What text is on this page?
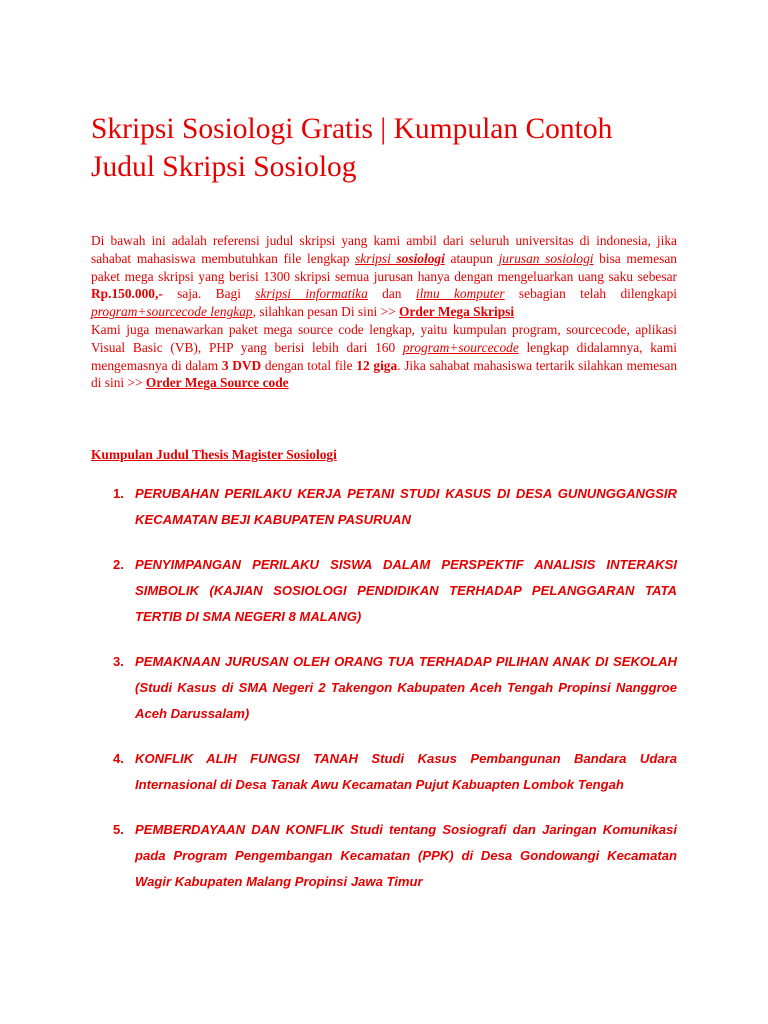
Skripsi Sosiologi Gratis | Kumpulan Contoh Judul Skripsi Sosiolog
Di bawah ini adalah referensi judul skripsi yang kami ambil dari seluruh universitas di indonesia, jika sahabat mahasiswa membutuhkan file lengkap skripsi sosiologi ataupun jurusan sosiologi bisa memesan paket mega skripsi yang berisi 1300 skripsi semua jurusan hanya dengan mengeluarkan uang saku sebesar Rp.150.000,- saja. Bagi skripsi informatika dan ilmu komputer sebagian telah dilengkapi program+sourcecode lengkap, silahkan pesan Di sini >> Order Mega Skripsi
Kami juga menawarkan paket mega source code lengkap, yaitu kumpulan program, sourcecode, aplikasi Visual Basic (VB), PHP yang berisi lebih dari 160 program+sourcecode lengkap didalamnya, kami mengemasnya di dalam 3 DVD dengan total file 12 giga. Jika sahabat mahasiswa tertarik silahkan memesan di sini >> Order Mega Source code
Kumpulan Judul Thesis Magister Sosiologi
1. PERUBAHAN PERILAKU KERJA PETANI STUDI KASUS DI DESA GUNUNGGANGSIR KECAMATAN BEJI KABUPATEN PASURUAN
2. PENYIMPANGAN PERILAKU SISWA DALAM PERSPEKTIF ANALISIS INTERAKSI SIMBOLIK (KAJIAN SOSIOLOGI PENDIDIKAN TERHADAP PELANGGARAN TATA TERTIB DI SMA NEGERI 8 MALANG)
3. PEMAKNAAN JURUSAN OLEH ORANG TUA TERHADAP PILIHAN ANAK DI SEKOLAH (Studi Kasus di SMA Negeri 2 Takengon Kabupaten Aceh Tengah Propinsi Nanggroe Aceh Darussalam)
4. KONFLIK ALIH FUNGSI TANAH Studi Kasus Pembangunan Bandara Udara Internasional di Desa Tanak Awu Kecamatan Pujut Kabuapten Lombok Tengah
5. PEMBERDAYAAN DAN KONFLIK Studi tentang Sosiografi dan Jaringan Komunikasi pada Program Pengembangan Kecamatan (PPK) di Desa Gondowangi Kecamatan Wagir Kabupaten Malang Propinsi Jawa Timur
